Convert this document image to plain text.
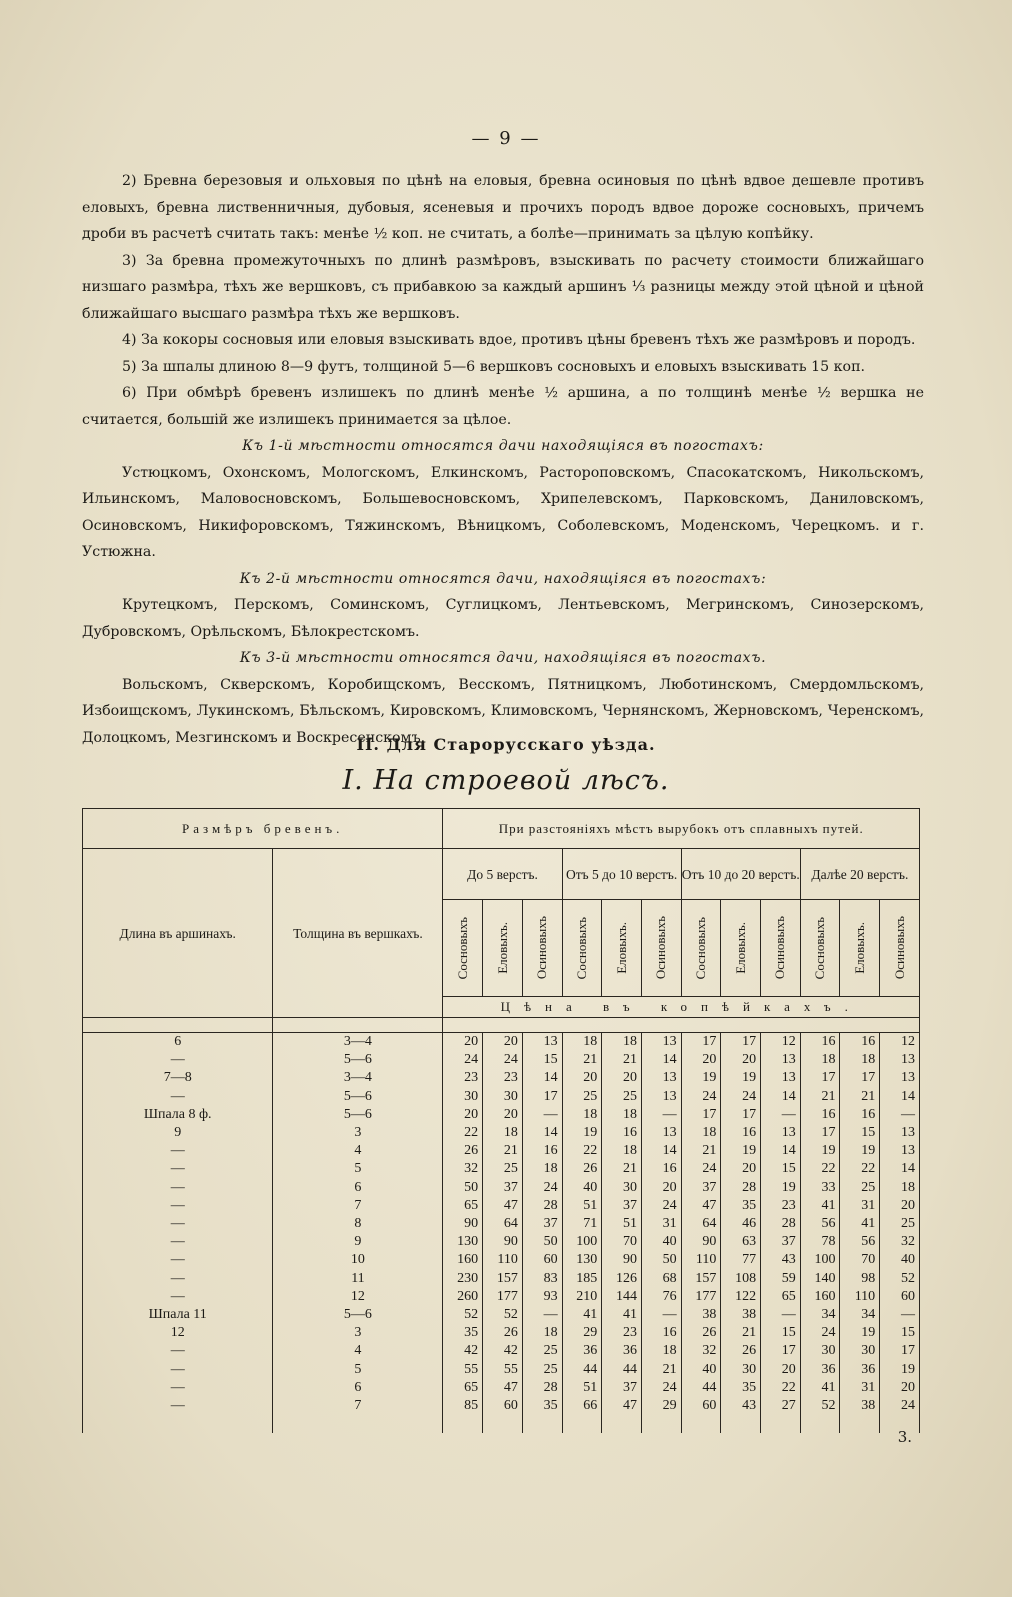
— 9 —

2) Бревна березовыя и ольховыя по цѣнѣ на еловыя, бревна осиновыя по цѣнѣ вдвое дешевле противъ еловыхъ, бревна лиственничныя, дубовыя, ясеневыя и прочихъ породъ вдвое дороже сосновыхъ, причемъ дроби въ расчетѣ считать такъ: менѣе ½ коп. не считать, а болѣе—принимать за цѣлую копѣйку.

3) За бревна промежуточныхъ по длинѣ размѣровъ, взыскивать по расчету стоимости ближайшаго низшаго размѣра, тѣхъ же вершковъ, съ прибавкою за каждый аршинъ ⅓ разницы между этой цѣной и цѣной ближайшаго высшаго размѣра тѣхъ же вершковъ.

4) За кокоры сосновыя или еловыя взыскивать вдое, противъ цѣны бревенъ тѣхъ же размѣровъ и породъ.

5) За шпалы длиною 8—9 футъ, толщиной 5—6 вершковъ сосновыхъ и еловыхъ взыскивать 15 коп.

6) При обмѣрѣ бревенъ излишекъ по длинѣ менѣе ½ аршина, а по толщинѣ менѣе ½ вершка не считается, большій же излишекъ принимается за цѣлое.

Къ 1-й мѣстности относятся дачи находящіяся въ погостахъ:

Устюцкомъ, Охонскомъ, Мологскомъ, Елкинскомъ, Растороповскомъ, Спасокатскомъ, Никольскомъ, Ильинскомъ, Маловосновскомъ, Большевосновскомъ, Хрипелевскомъ, Парковскомъ, Даниловскомъ, Осиновскомъ, Никифоровскомъ, Тяжинскомъ, Вѣницкомъ, Соболевскомъ, Моденскомъ, Черецкомъ. и г. Устюжна.

Къ 2-й мѣстности относятся дачи, находящіяся въ погостахъ:

Крутецкомъ, Перскомъ, Соминскомъ, Суглицкомъ, Лентьевскомъ, Мегринскомъ, Синозерскомъ, Дубровскомъ, Орѣльскомъ, Бѣлокрестскомъ.

Къ 3-й мѣстности относятся дачи, находящіяся въ погостахъ.

Вольскомъ, Скверскомъ, Коробищскомъ, Весскомъ, Пятницкомъ, Люботинскомъ, Смердомльскомъ, Избоищскомъ, Лукинскомъ, Бѣльскомъ, Кировскомъ, Климовскомъ, Чернянскомъ, Жерновскомъ, Черенскомъ, Долоцкомъ, Мезгинскомъ и Воскресенскомъ.

II. Для Старорусскаго уѣзда.
I. На строевой лѣсъ.
Размѣръ бревенъ.		При разстояніяхъ мѣстъ вырубокъ отъ сплавныхъ путей.											
Длина въ аршинахъ.	Толщина въ вершкахъ.	До 5 верстъ.			Отъ 5 до 10 верстъ.			Отъ 10 до 20 верстъ.			Далѣе 20 верстъ.		

		Сосновыхъ	Еловыхъ.	Осиновыхъ	Сосновыхъ	Еловыхъ.	Осиновыхъ	Сосновыхъ	Еловыхъ.	Осиновыхъ	Сосновыхъ	Еловыхъ.	Осиновыхъ

		Цѣна въ копѣйкахъ.											

6	3—4	20	20	13	18	18	13	17	17	12	16	16	12
—	5—6	24	24	15	21	21	14	20	20	13	18	18	13
7—8	3—4	23	23	14	20	20	13	19	19	13	17	17	13
—	5—6	30	30	17	25	25	13	24	24	14	21	21	14
Шпала 8 ф.	5—6	20	20	—	18	18	—	17	17	—	16	16	—
9	3	22	18	14	19	16	13	18	16	13	17	15	13
—	4	26	21	16	22	18	14	21	19	14	19	19	13
—	5	32	25	18	26	21	16	24	20	15	22	22	14
—	6	50	37	24	40	30	20	37	28	19	33	25	18
—	7	65	47	28	51	37	24	47	35	23	41	31	20
—	8	90	64	37	71	51	31	64	46	28	56	41	25
—	9	130	90	50	100	70	40	90	63	37	78	56	32
—	10	160	110	60	130	90	50	110	77	43	100	70	40
—	11	230	157	83	185	126	68	157	108	59	140	98	52
—	12	260	177	93	210	144	76	177	122	65	160	110	60
Шпала 11	5—6	52	52	—	41	41	—	38	38	—	34	34	—
12	3	35	26	18	29	23	16	26	21	15	24	19	15
—	4	42	42	25	36	36	18	32	26	17	30	30	17
—	5	55	55	25	44	44	21	40	30	20	36	36	19
—	6	65	47	28	51	37	24	44	35	22	41	31	20
—	7	85	60	35	66	47	29	60	43	27	52	38	24

3.
